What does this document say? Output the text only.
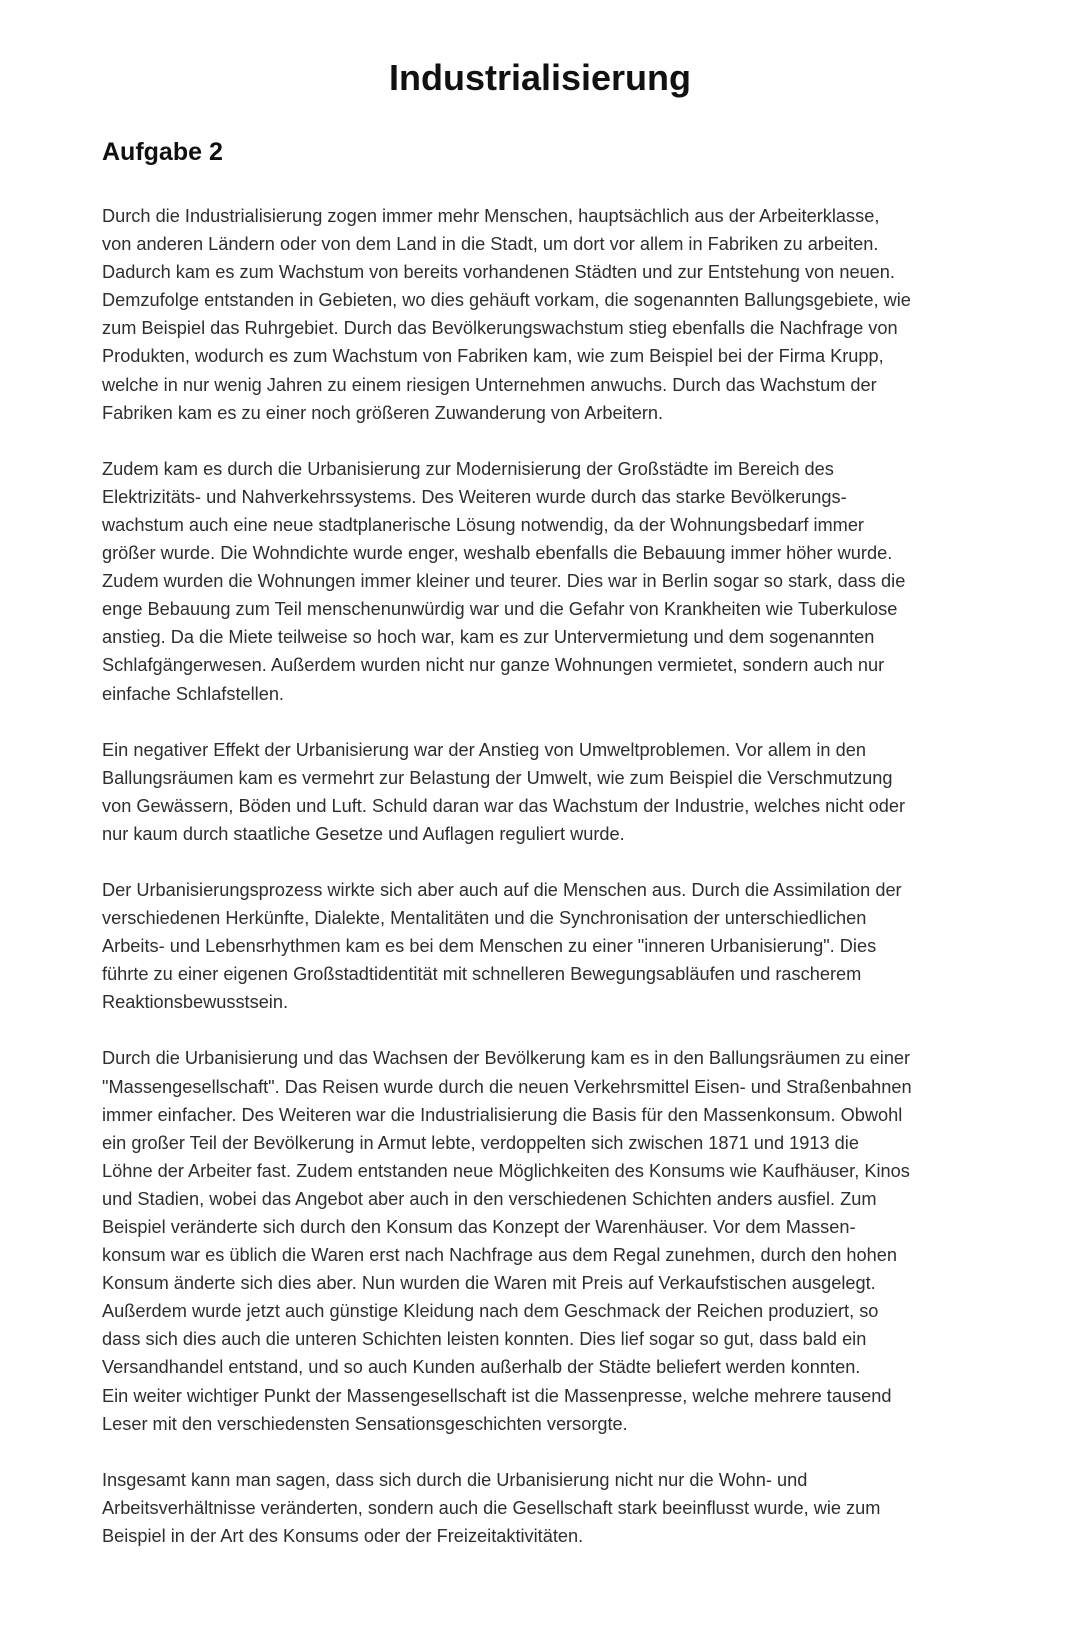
Industrialisierung
Aufgabe 2

Durch die Industrialisierung zogen immer mehr Menschen, hauptsächlich aus der Arbeiterklasse,
von anderen Ländern oder von dem Land in die Stadt, um dort vor allem in Fabriken zu arbeiten.
Dadurch kam es zum Wachstum von bereits vorhandenen Städten und zur Entstehung von neuen.
Demzufolge entstanden in Gebieten, wo dies gehäuft vorkam, die sogenannten Ballungsgebiete, wie
zum Beispiel das Ruhrgebiet. Durch das Bevölkerungswachstum stieg ebenfalls die Nachfrage von
Produkten, wodurch es zum Wachstum von Fabriken kam, wie zum Beispiel bei der Firma Krupp,
welche in nur wenig Jahren zu einem riesigen Unternehmen anwuchs. Durch das Wachstum der
Fabriken kam es zu einer noch größeren Zuwanderung von Arbeitern.

Zudem kam es durch die Urbanisierung zur Modernisierung der Großstädte im Bereich des
Elektrizitäts- und Nahverkehrssystems. Des Weiteren wurde durch das starke Bevölkerungs-
wachstum auch eine neue stadtplanerische Lösung notwendig, da der Wohnungsbedarf immer
größer wurde. Die Wohndichte wurde enger, weshalb ebenfalls die Bebauung immer höher wurde.
Zudem wurden die Wohnungen immer kleiner und teurer. Dies war in Berlin sogar so stark, dass die
enge Bebauung zum Teil menschenunwürdig war und die Gefahr von Krankheiten wie Tuberkulose
anstieg. Da die Miete teilweise so hoch war, kam es zur Untervermietung und dem sogenannten
Schlafgängerwesen. Außerdem wurden nicht nur ganze Wohnungen vermietet, sondern auch nur
einfache Schlafstellen.

Ein negativer Effekt der Urbanisierung war der Anstieg von Umweltproblemen. Vor allem in den
Ballungsräumen kam es vermehrt zur Belastung der Umwelt, wie zum Beispiel die Verschmutzung
von Gewässern, Böden und Luft. Schuld daran war das Wachstum der Industrie, welches nicht oder
nur kaum durch staatliche Gesetze und Auflagen reguliert wurde.

Der Urbanisierungsprozess wirkte sich aber auch auf die Menschen aus. Durch die Assimilation der
verschiedenen Herkünfte, Dialekte, Mentalitäten und die Synchronisation der unterschiedlichen
Arbeits- und Lebensrhythmen kam es bei dem Menschen zu einer "inneren Urbanisierung". Dies
führte zu einer eigenen Großstadtidentität mit schnelleren Bewegungsabläufen und rascherem
Reaktionsbewusstsein.

Durch die Urbanisierung und das Wachsen der Bevölkerung kam es in den Ballungsräumen zu einer
"Massengesellschaft". Das Reisen wurde durch die neuen Verkehrsmittel Eisen- und Straßenbahnen
immer einfacher. Des Weiteren war die Industrialisierung die Basis für den Massenkonsum. Obwohl
ein großer Teil der Bevölkerung in Armut lebte, verdoppelten sich zwischen 1871 und 1913 die
Löhne der Arbeiter fast. Zudem entstanden neue Möglichkeiten des Konsums wie Kaufhäuser, Kinos
und Stadien, wobei das Angebot aber auch in den verschiedenen Schichten anders ausfiel. Zum
Beispiel veränderte sich durch den Konsum das Konzept der Warenhäuser. Vor dem Massen-
konsum war es üblich die Waren erst nach Nachfrage aus dem Regal zunehmen, durch den hohen
Konsum änderte sich dies aber. Nun wurden die Waren mit Preis auf Verkaufstischen ausgelegt.
Außerdem wurde jetzt auch günstige Kleidung nach dem Geschmack der Reichen produziert, so
dass sich dies auch die unteren Schichten leisten konnten. Dies lief sogar so gut, dass bald ein
Versandhandel entstand, und so auch Kunden außerhalb der Städte beliefert werden konnten.
Ein weiter wichtiger Punkt der Massengesellschaft ist die Massenpresse, welche mehrere tausend
Leser mit den verschiedensten Sensationsgeschichten versorgte.

Insgesamt kann man sagen, dass sich durch die Urbanisierung nicht nur die Wohn- und
Arbeitsverhältnisse veränderten, sondern auch die Gesellschaft stark beeinflusst wurde, wie zum
Beispiel in der Art des Konsums oder der Freizeitaktivitäten.
